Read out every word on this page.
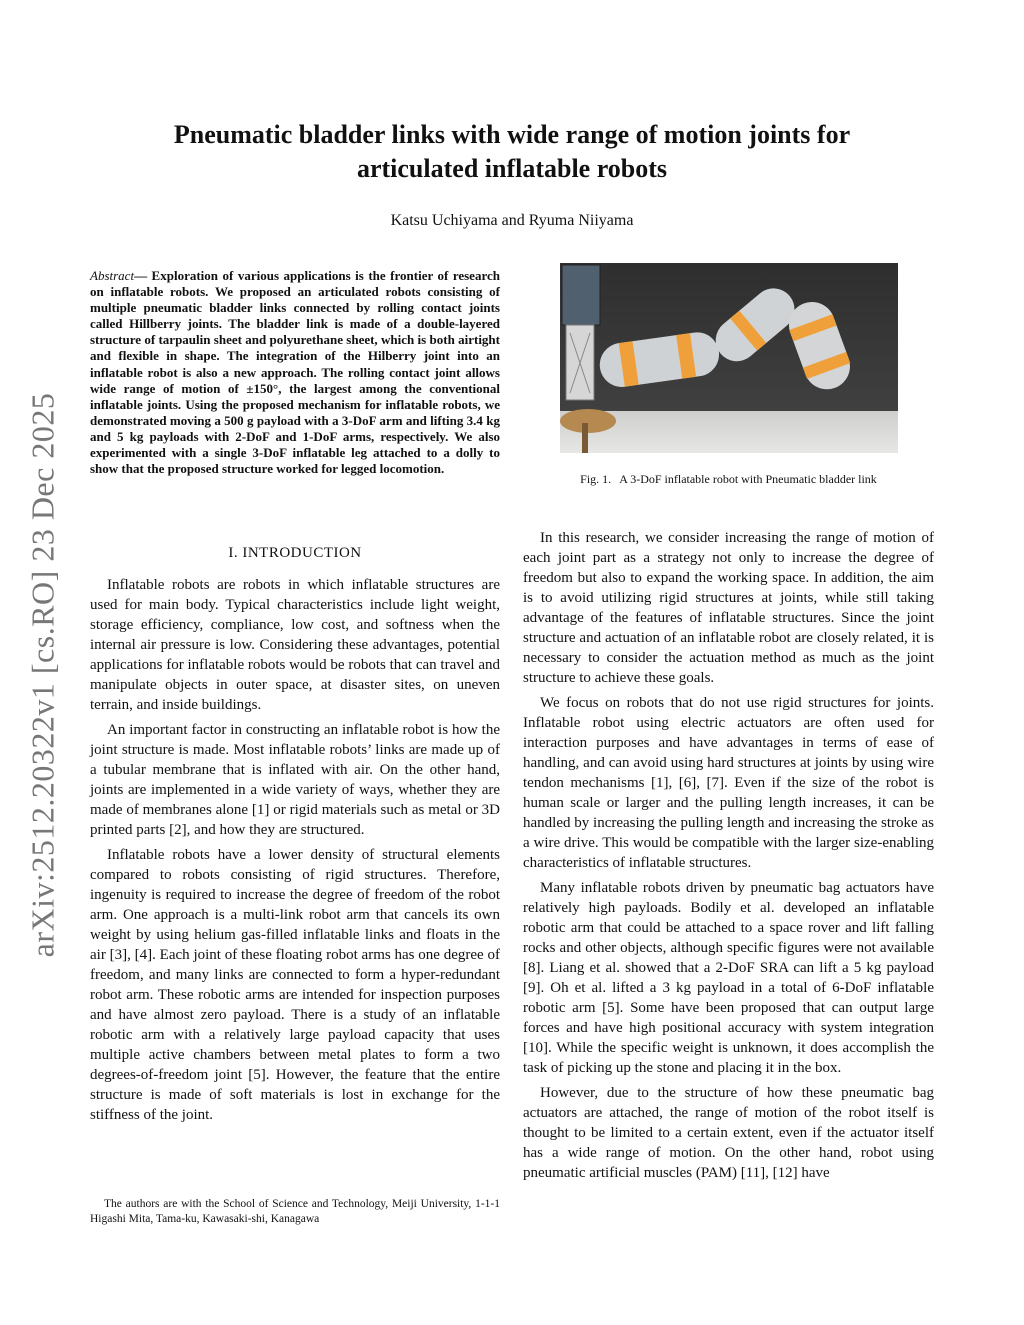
arXiv:2512.20322v1 [cs.RO] 23 Dec 2025
Pneumatic bladder links with wide range of motion joints for
articulated inflatable robots
Katsu Uchiyama and Ryuma Niiyama
Abstract— Exploration of various applications is the frontier of research on inflatable robots. We proposed an articulated robots consisting of multiple pneumatic bladder links connected by rolling contact joints called Hillberry joints. The bladder link is made of a double-layered structure of tarpaulin sheet and polyurethane sheet, which is both airtight and flexible in shape. The integration of the Hilberry joint into an inflatable robot is also a new approach. The rolling contact joint allows wide range of motion of ±150°, the largest among the conventional inflatable joints. Using the proposed mechanism for inflatable robots, we demonstrated moving a 500 g payload with a 3-DoF arm and lifting 3.4 kg and 5 kg payloads with 2-DoF and 1-DoF arms, respectively. We also experimented with a single 3-DoF inflatable leg attached to a dolly to show that the proposed structure worked for legged locomotion.
I. INTRODUCTION

Inflatable robots are robots in which inflatable structures are used for main body. Typical characteristics include light weight, storage efficiency, compliance, low cost, and softness when the internal air pressure is low. Considering these advantages, potential applications for inflatable robots would be robots that can travel and manipulate objects in outer space, at disaster sites, on uneven terrain, and inside buildings.

An important factor in constructing an inflatable robot is how the joint structure is made. Most inflatable robots’ links are made up of a tubular membrane that is inflated with air. On the other hand, joints are implemented in a wide variety of ways, whether they are made of membranes alone [1] or rigid materials such as metal or 3D printed parts [2], and how they are structured.

Inflatable robots have a lower density of structural elements compared to robots consisting of rigid structures. Therefore, ingenuity is required to increase the degree of freedom of the robot arm. One approach is a multi-link robot arm that cancels its own weight by using helium gas-filled inflatable links and floats in the air [3], [4]. Each joint of these floating robot arms has one degree of freedom, and many links are connected to form a hyper-redundant robot arm. These robotic arms are intended for inspection purposes and have almost zero payload. There is a study of an inflatable robotic arm with a relatively large payload capacity that uses multiple active chambers between metal plates to form a two degrees-of-freedom joint [5]. However, the feature that the entire structure is made of soft materials is lost in exchange for the stiffness of the joint.

The authors are with the School of Science and Technology, Meiji University, 1-1-1 Higashi Mita, Tama-ku, Kawasaki-shi, Kanagawa
Fig. 1. A 3-DoF inflatable robot with Pneumatic bladder link

In this research, we consider increasing the range of motion of each joint part as a strategy not only to increase the degree of freedom but also to expand the working space. In addition, the aim is to avoid utilizing rigid structures at joints, while still taking advantage of the features of inflatable structures. Since the joint structure and actuation of an inflatable robot are closely related, it is necessary to consider the actuation method as much as the joint structure to achieve these goals.

We focus on robots that do not use rigid structures for joints. Inflatable robot using electric actuators are often used for interaction purposes and have advantages in terms of ease of handling, and can avoid using hard structures at joints by using wire tendon mechanisms [1], [6], [7]. Even if the size of the robot is human scale or larger and the pulling length increases, it can be handled by increasing the pulling length and increasing the stroke as a wire drive. This would be compatible with the larger size-enabling characteristics of inflatable structures.

Many inflatable robots driven by pneumatic bag actuators have relatively high payloads. Bodily et al. developed an inflatable robotic arm that could be attached to a space rover and lift falling rocks and other objects, although specific figures were not available [8]. Liang et al. showed that a 2-DoF SRA can lift a 5 kg payload [9]. Oh et al. lifted a 3 kg payload in a total of 6-DoF inflatable robotic arm [5]. Some have been proposed that can output large forces and have high positional accuracy with system integration [10]. While the specific weight is unknown, it does accomplish the task of picking up the stone and placing it in the box.

However, due to the structure of how these pneumatic bag actuators are attached, the range of motion of the robot itself is thought to be limited to a certain extent, even if the actuator itself has a wide range of motion. On the other hand, robot using pneumatic artificial muscles (PAM) [11], [12] have
